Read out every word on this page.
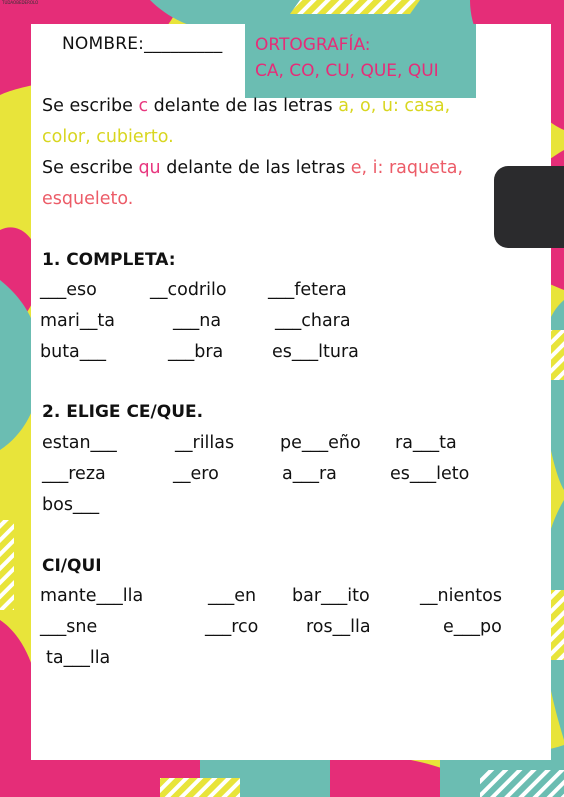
TUDAOBEDEROLO
NOMBRE:_________ ORTOGRAFÍA:
CA, CO, CU, QUE, QUI
Se escribe c delante de las letras a, o, u: casa,
color, cubierto.
Se escribe qu delante de las letras e, i: raqueta,
esqueleto.
1. COMPLETA:
___eso	__codrilo ___fetera
mari__ta	___na	___chara
buta___	___bra	es___ltura
2. ELIGE CE/QUE.
estan___	__rillas	pe___eño ra___ta
___reza	__ero	a___ra	es___leto
bos___
CI/QUI
mante___lla	___en bar___ito	__nientos
___sne	___rco	ros__lla	e___po
ta___lla
